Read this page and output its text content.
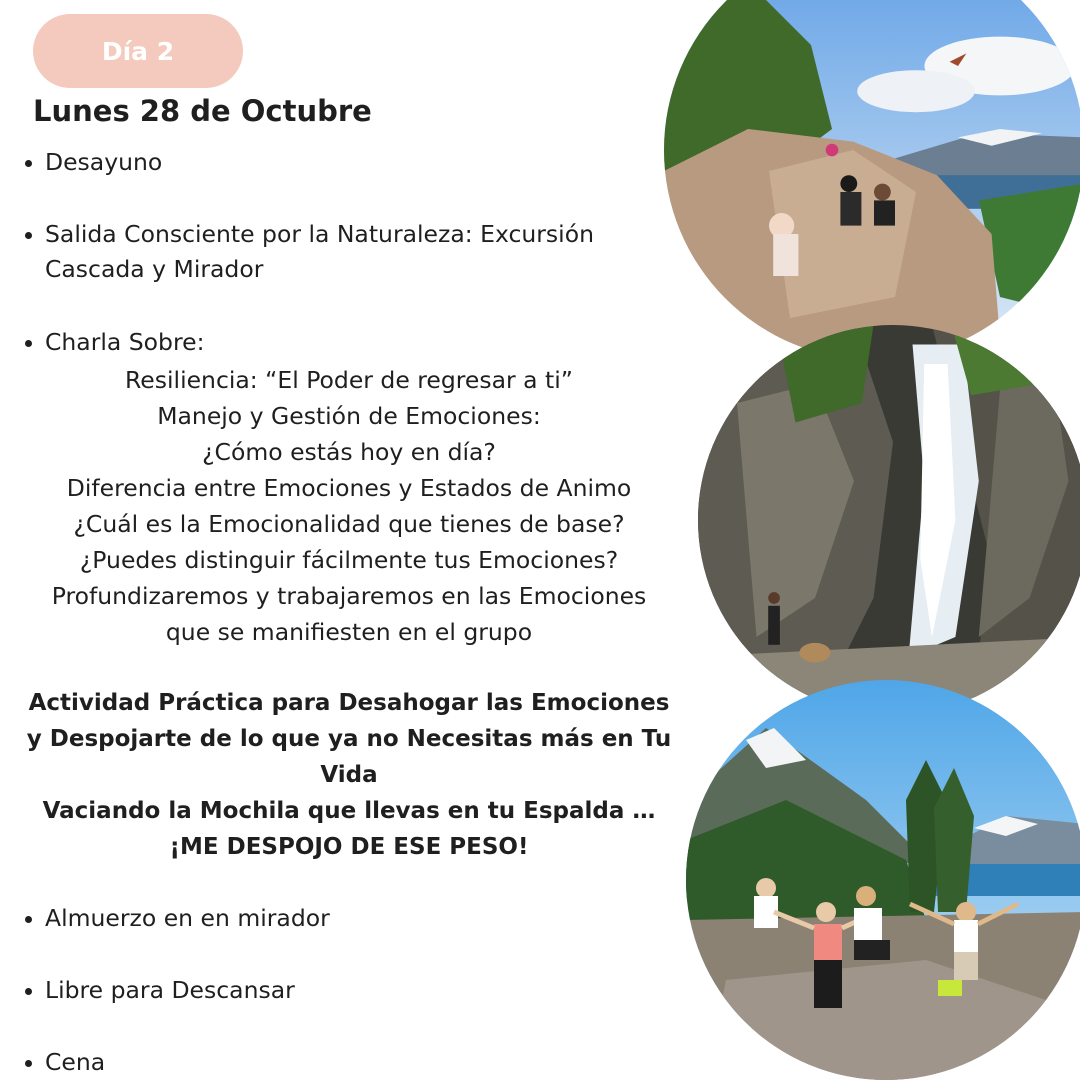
Día 2
Lunes 28 de Octubre
Desayuno
Salida Consciente por la Naturaleza: Excursión
Cascada y Mirador
Charla Sobre:
Resiliencia: “El Poder de regresar a ti”
Manejo y Gestión de Emociones:
¿Cómo estás hoy en día?
Diferencia entre Emociones y Estados de Animo
¿Cuál es la Emocionalidad que tienes de base?
¿Puedes distinguir fácilmente tus Emociones?
Profundizaremos y trabajaremos en las Emociones
que se manifiesten en el grupo
Actividad Práctica para Desahogar las Emociones
y Despojarte de lo que ya no Necesitas más en Tu
Vida
Vaciando la Mochila que llevas en tu Espalda …
¡ME DESPOJO DE ESE PESO!
Almuerzo en en mirador
Libre para Descansar
Cena
